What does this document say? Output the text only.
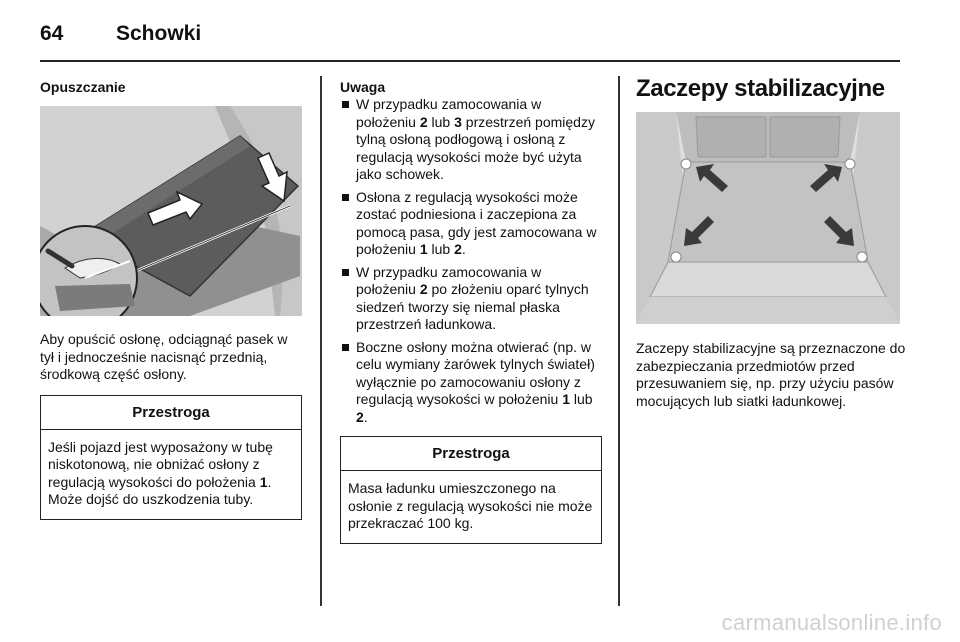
64	Schowki
Opuszczanie
Aby opuścić osłonę, odciągnąć pasek w tył i jednocześnie nacisnąć przednią, środkową część osłony.
Przestroga
Jeśli pojazd jest wyposażony w tubę niskotonową, nie obniżać osłony z regulacją wysokości do położenia 1. Może dojść do uszkodzenia tuby.
Uwaga
W przypadku zamocowania w położeniu 2 lub 3 przestrzeń pomiędzy tylną osłoną podłogową i osłoną z regulacją wysokości może być użyta jako schowek.
Osłona z regulacją wysokości może zostać podniesiona i zaczepiona za pomocą pasa, gdy jest zamocowana w położeniu 1 lub 2.
W przypadku zamocowania w położeniu 2 po złożeniu oparć tylnych siedzeń tworzy się niemal płaska przestrzeń ładunkowa.
Boczne osłony można otwierać (np. w celu wymiany żarówek tylnych świateł) wyłącznie po zamocowaniu osłony z regulacją wysokości w położeniu 1 lub 2.
Przestroga
Masa ładunku umieszczonego na osłonie z regulacją wysokości nie może przekraczać 100 kg.
Zaczepy stabilizacyjne
Zaczepy stabilizacyjne są przeznaczone do zabezpieczania przedmiotów przed przesuwaniem się, np. przy użyciu pasów mocujących lub siatki ładunkowej.
carmanualsonline.info
